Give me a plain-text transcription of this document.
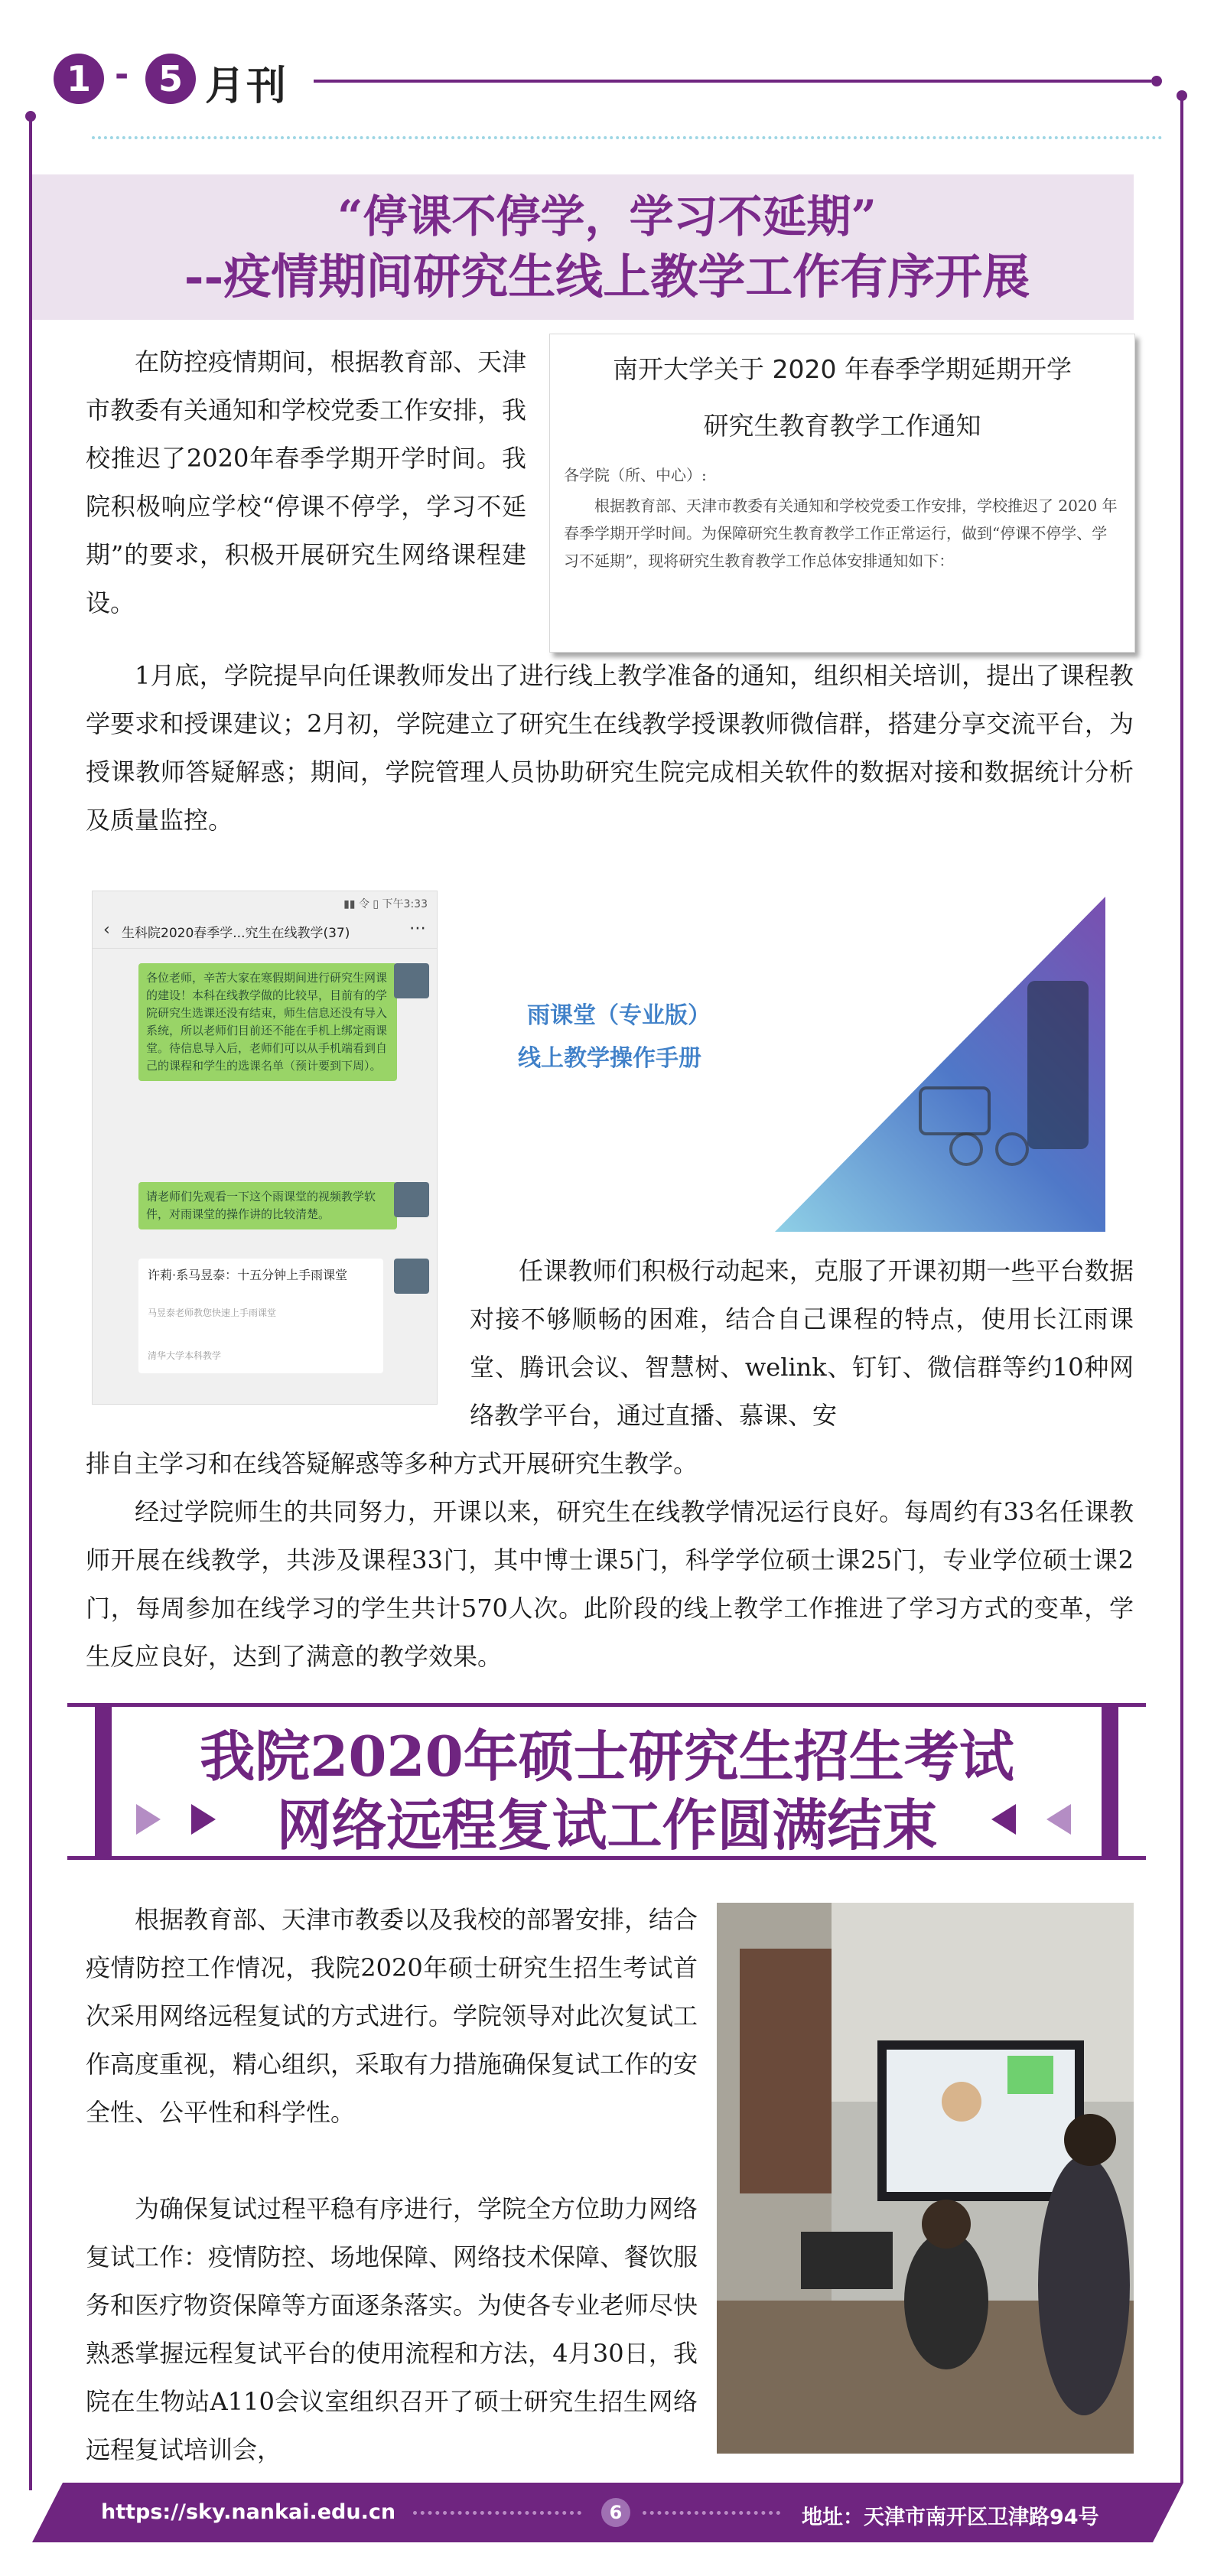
1 - 5 月刊
“停课不停学，学习不延期”
--疫情期间研究生线上教学工作有序开展

在防控疫情期间，根据教育部、天津市教委有关通知和学校党委工作安排，我校推迟了2020年春季学期开学时间。我院积极响应学校“停课不停学，学习不延期”的要求，积极开展研究生网络课程建设。

南开大学关于 2020 年春季学期延期开学
研究生教育教学工作通知
各学院（所、中心）:
根据教育部、天津市教委有关通知和学校党委工作安排，学校推迟了 2020 年春季学期开学时间。为保障研究生教育教学工作正常运行，做到“停课不停学、学习不延期”，现将研究生教育教学工作总体安排通知如下：

1月底，学院提早向任课教师发出了进行线上教学准备的通知，组织相关培训，提出了课程教学要求和授课建议；2月初，学院建立了研究生在线教学授课教师微信群，搭建分享交流平台，为授课教师答疑解惑；期间，学院管理人员协助研究生院完成相关软件的数据对接和数据统计分析及质量监控。

▮▮ 令 ▯ 下午3:33
‹ 生科院2020春季学...究生在线教学(37)	⋯
各位老师，辛苦大家在寒假期间进行研究生网课的建设！本科在线教学做的比较早，目前有的学院研究生选课还没有结束，师生信息还没有导入系统，所以老师们目前还不能在手机上绑定雨课堂。待信息导入后，老师们可以从手机端看到自己的课程和学生的选课名单（预计要到下周）。
请老师们先观看一下这个雨课堂的视频教学软件，对雨课堂的操作讲的比较清楚。
许莉·系马昱泰：十五分钟上手雨课堂
马昱泰老师教您快速上手雨课堂
清华大学本科教学
雨课堂（专业版）
线上教学操作手册

任课教师们积极行动起来，克服了开课初期一些平台数据对接不够顺畅的困难，结合自己课程的特点，使用长江雨课堂、腾讯会议、智慧树、welink、钉钉、微信群等约10种网络教学平台，通过直播、慕课、安

排自主学习和在线答疑解惑等多种方式开展研究生教学。

经过学院师生的共同努力，开课以来，研究生在线教学情况运行良好。每周约有33名任课教师开展在线教学，共涉及课程33门，其中博士课5门，科学学位硕士课25门，专业学位硕士课2门，每周参加在线学习的学生共计570人次。此阶段的线上教学工作推进了学习方式的变革，学生反应良好，达到了满意的教学效果。

我院2020年硕士研究生招生考试
网络远程复试工作圆满结束

根据教育部、天津市教委以及我校的部署安排，结合疫情防控工作情况，我院2020年硕士研究生招生考试首次采用网络远程复试的方式进行。学院领导对此次复试工作高度重视，精心组织，采取有力措施确保复试工作的安全性、公平性和科学性。

为确保复试过程平稳有序进行，学院全方位助力网络复试工作：疫情防控、场地保障、网络技术保障、餐饮服务和医疗物资保障等方面逐条落实。为使各专业老师尽快熟悉掌握远程复试平台的使用流程和方法，4月30日，我院在生物站A110会议室组织召开了硕士研究生招生网络远程复试培训会，

https://sky.nankai.edu.cn	6	地址：天津市南开区卫津路94号
